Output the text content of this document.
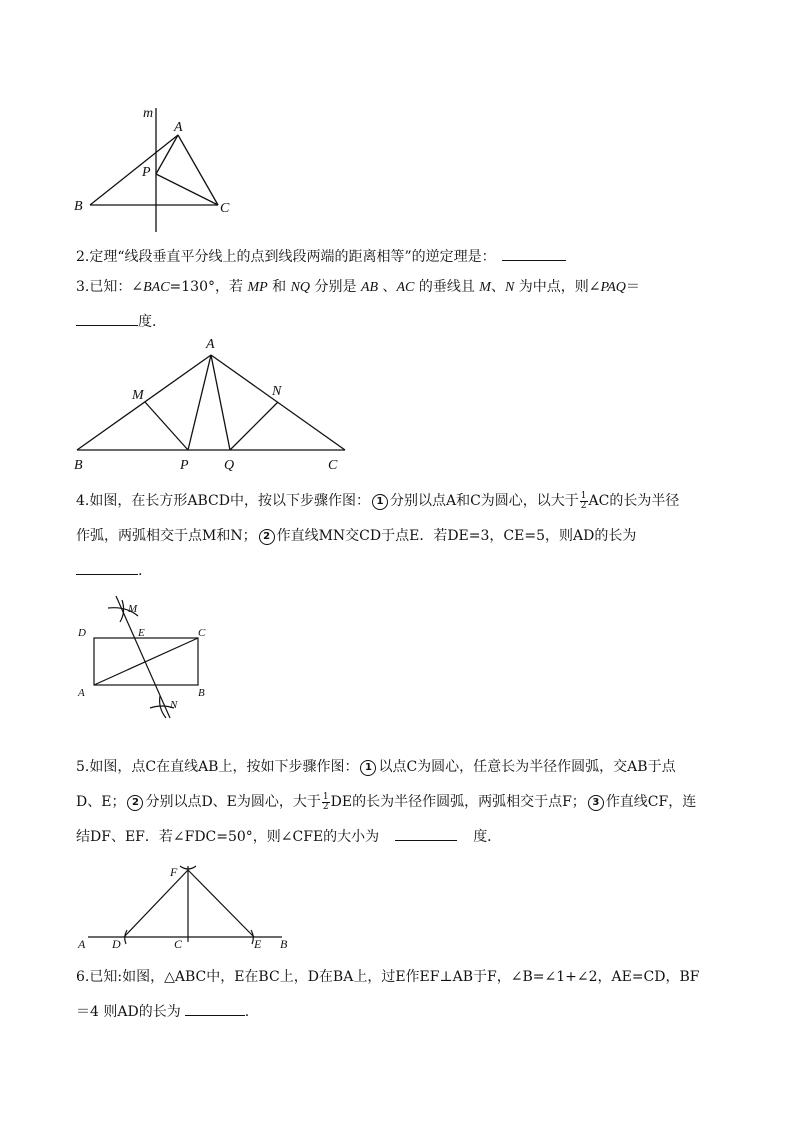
m
A
P
B	C
2.定理“线段垂直平分线上的点到线段两端的距离相等”的逆定理是：
3.已知：∠BAC=130°，若 MP 和 NQ 分别是 AB 、AC 的垂线且 M、N 为中点，则∠PAQ＝
度．
A
M	N
B	P	Q	C
4.如图，在长方形ABCD中，按以下步骤作图： 1 分别以点A和C为圆心，以大于 $\frac{1}{2}$ AC的长为半径
作弧，两弧相交于点M和N； 2 作直线MN交CD于点E．若DE=3，CE=5，则AD的长为
.
M
D	E	C
A	B
N
5.如图，点C在直线AB上，按如下步骤作图： 1 以点C为圆心，任意长为半径作圆弧，交AB于点
D、E； 2 分别以点D、E为圆心，大于 $\frac{1}{2}$ DE的长为半径作圆弧，两弧相交于点F； 3 作直线CF，连
结DF、EF．若∠FDC=50°，则∠CFE的大小为	度．
F
A D	C	E B
6.已知:如图，△ABC中，E在BC上，D在BA上，过E作EF⊥AB于F，∠B=∠1+∠2，AE=CD，BF
＝4 则AD的长为	.
